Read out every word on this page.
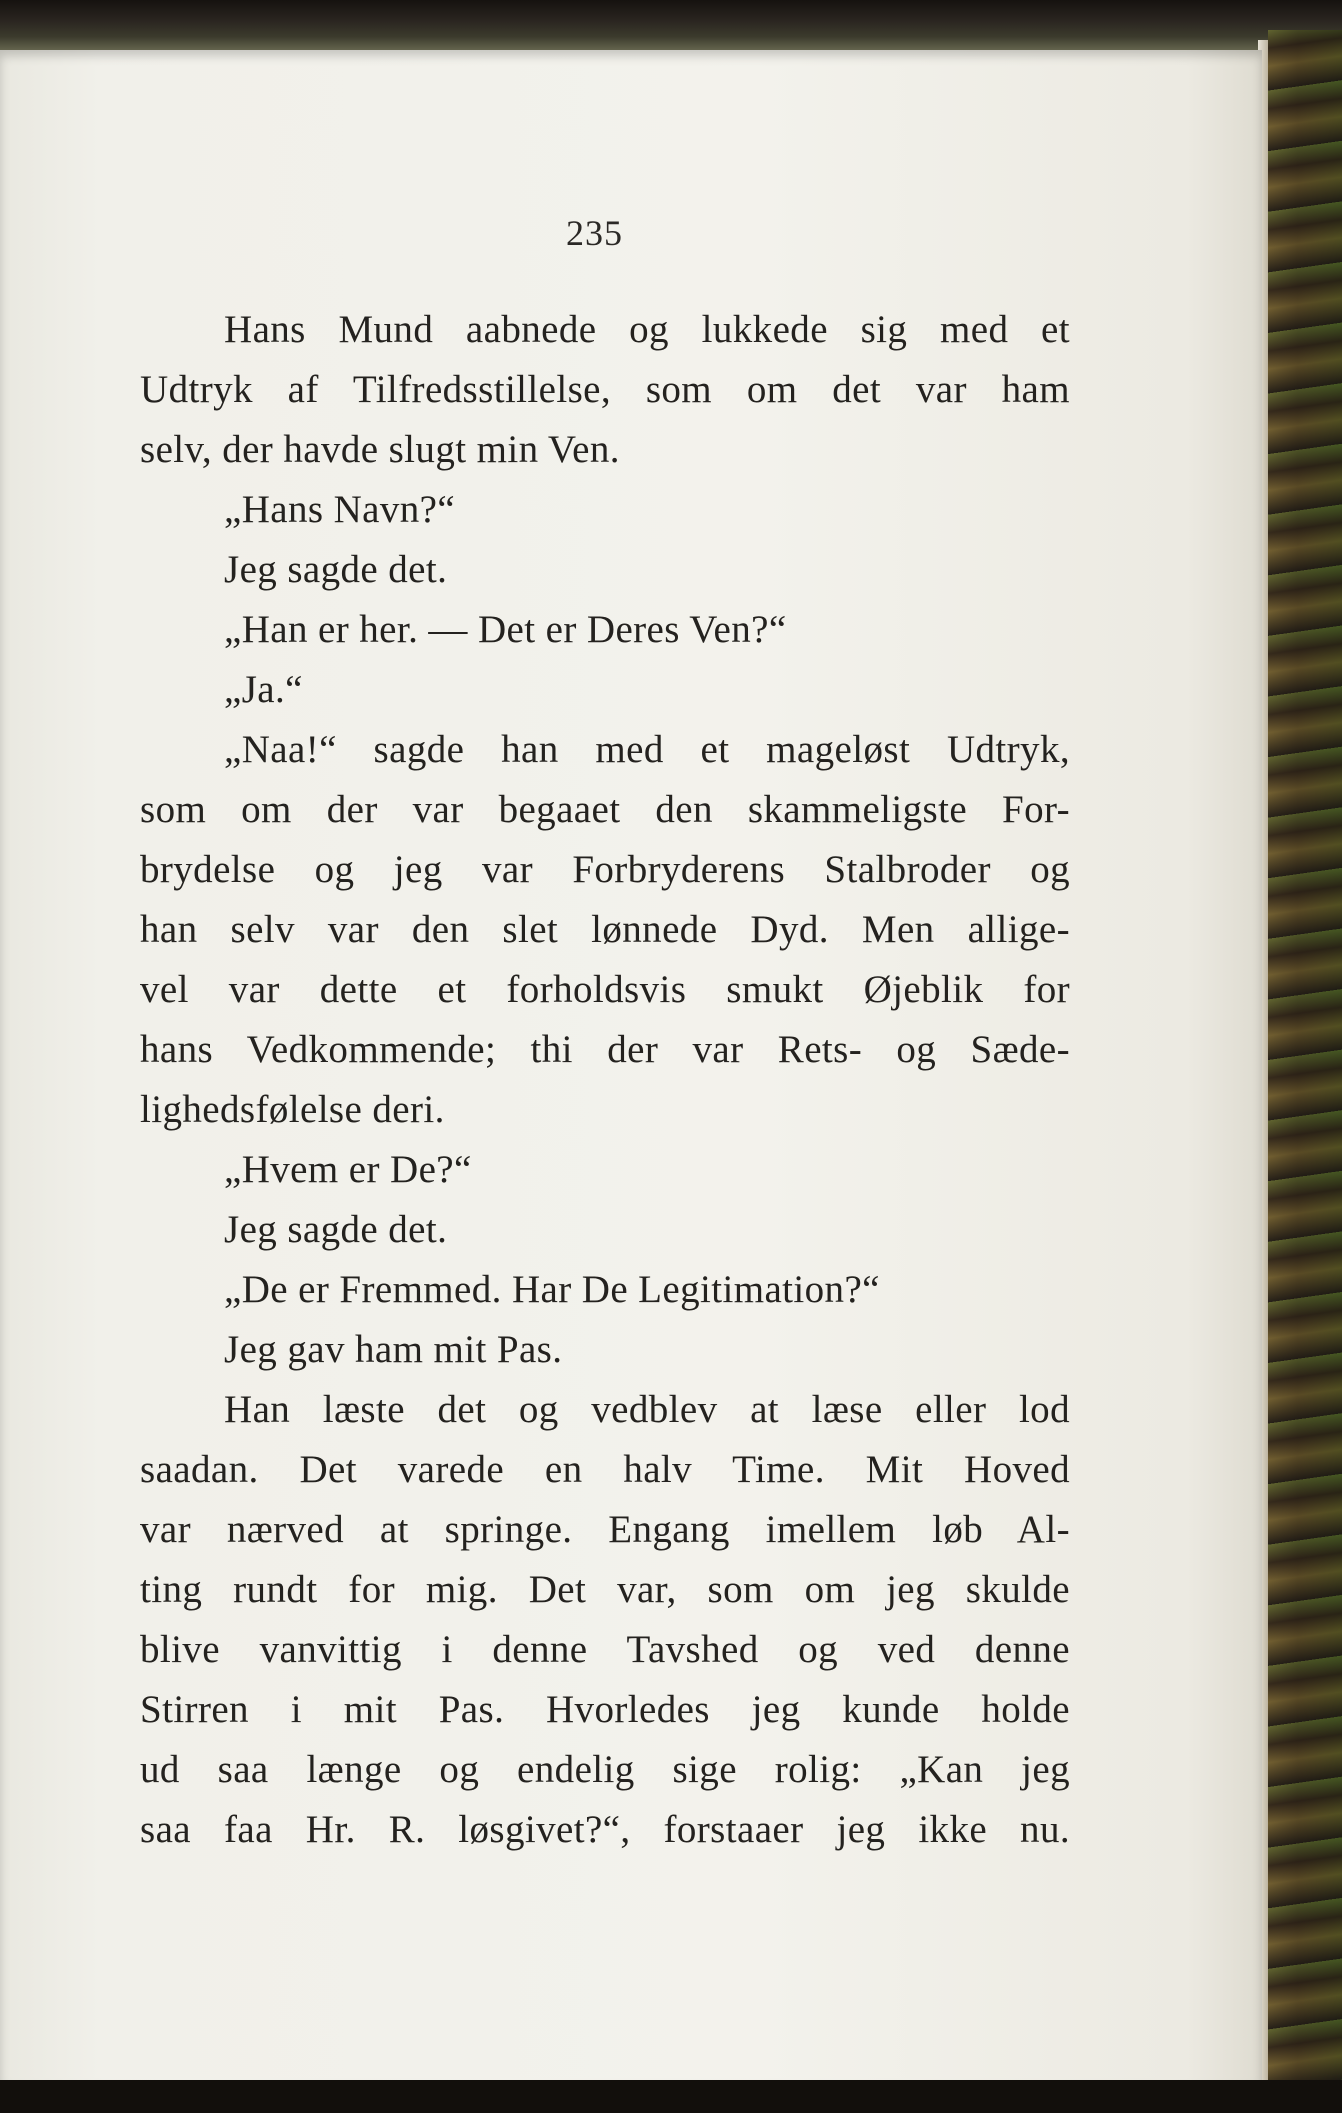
235
Hans Mund aabnede og lukkede sig med et
Udtryk af Tilfredsstillelse, som om det var ham
selv, der havde slugt min Ven.
„Hans Navn?“
Jeg sagde det.
„Han er her. — Det er Deres Ven?“
„Ja.“
„Naa!“ sagde han med et mageløst Udtryk,
som om der var begaaet den skammeligste For-
brydelse og jeg var Forbryderens Stalbroder og
han selv var den slet lønnede Dyd. Men allige-
vel var dette et forholdsvis smukt Øjeblik for
hans Vedkommende; thi der var Rets- og Sæde-
lighedsfølelse deri.
„Hvem er De?“
Jeg sagde det.
„De er Fremmed. Har De Legitimation?“
Jeg gav ham mit Pas.
Han læste det og vedblev at læse eller lod
saadan. Det varede en halv Time. Mit Hoved
var nærved at springe. Engang imellem løb Al-
ting rundt for mig. Det var, som om jeg skulde
blive vanvittig i denne Tavshed og ved denne
Stirren i mit Pas. Hvorledes jeg kunde holde
ud saa længe og endelig sige rolig: „Kan jeg
saa faa Hr. R. løsgivet?“, forstaaer jeg ikke nu.
